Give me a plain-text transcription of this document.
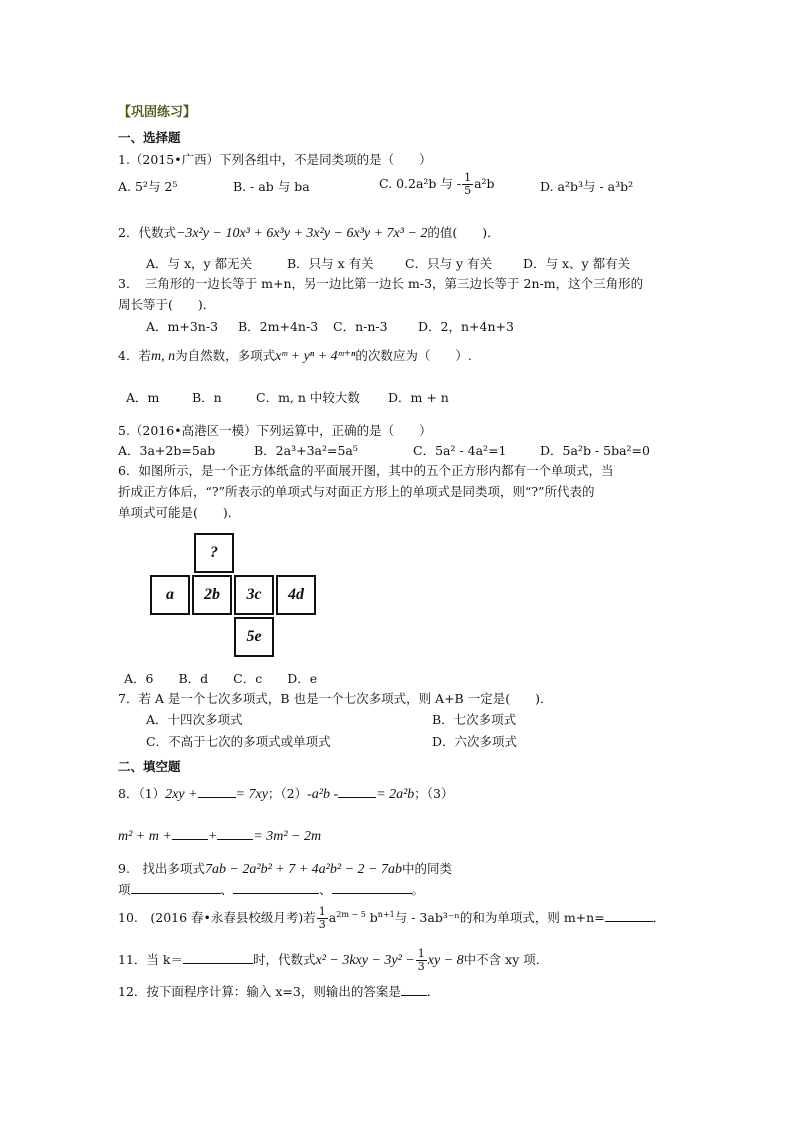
【巩固练习】
一、选择题
1.（2015•广西）下列各组中，不是同类项的是（　　）
A. 5²与 2⁵	B. - ab 与 ba	C. 0.2a²b 与 - $\frac{1}{5} a^2b$	D. a²b³与 - a³b²
2．代数式−3x²y − 10x³ + 6x³y + 3x²y − 6x³y + 7x³ − 2的值(　　)．
A．与 x，y 都无关	B．只与 x 有关	C．只与 y 有关 D．与 x、y 都有关
3．　三角形的一边长等于 m+n，另一边比第一边长 m-3，第三边长等于 2n-m，这个三角形的
周长等于(　　)．
A．m+3n-3 B．2m+4n-3 C．n-n-3 D．2，n+4n+3
4．若m, n为自然数，多项式xᵐ + yⁿ + 4ᵐ⁺ⁿ的次数应为（　　）.
A．m	B．n	C．m, n 中较大数 D．m + n
5.（2016•高港区一模）下列运算中，正确的是（　　）
A．3a+2b=5ab	B．2a³+3a²=5a⁵	C．5a² - 4a²=1	D．5a²b - 5ba²=0
6．如图所示，是一个正方体纸盒的平面展开图，其中的五个正方形内都有一个单项式，当
折成正方体后，“?”所表示的单项式与对面正方形上的单项式是同类项，则“?”所代表的
单项式可能是(　　)．
?
a	2b	3c	4d
5e
A．6　　B．d　　C．c　　D．e
7．若 A 是一个七次多项式，B 也是一个七次多项式，则 A+B 一定是(　　)．
A．十四次多项式	B．七次多项式
C．不高于七次的多项式或单项式	D．六次多项式
二、填空题
8．（1）2xy +	= 7xy；（2）-a²b -	= 2a²b；（3）
m² + m +	+	= 3m² − 2m
9.　找出多项式7ab − 2a²b² + 7 + 4a²b² − 2 − 7ab中的同类
项	、	、	。
10.　(2016 春•永春县校级月考)若 $\frac{1}{3} a^{2m - 5}$ $b^{n+1}$与 - 3ab³⁻ⁿ的和为单项式，则 m+n=	．
11．当 k＝	时，代数式$x^2 - 3kxy - 3y^2 - \frac{1}{3}$ xy − 8中不含 xy 项．
12．按下面程序计算：输入 x=3，则输出的答案是 ．
